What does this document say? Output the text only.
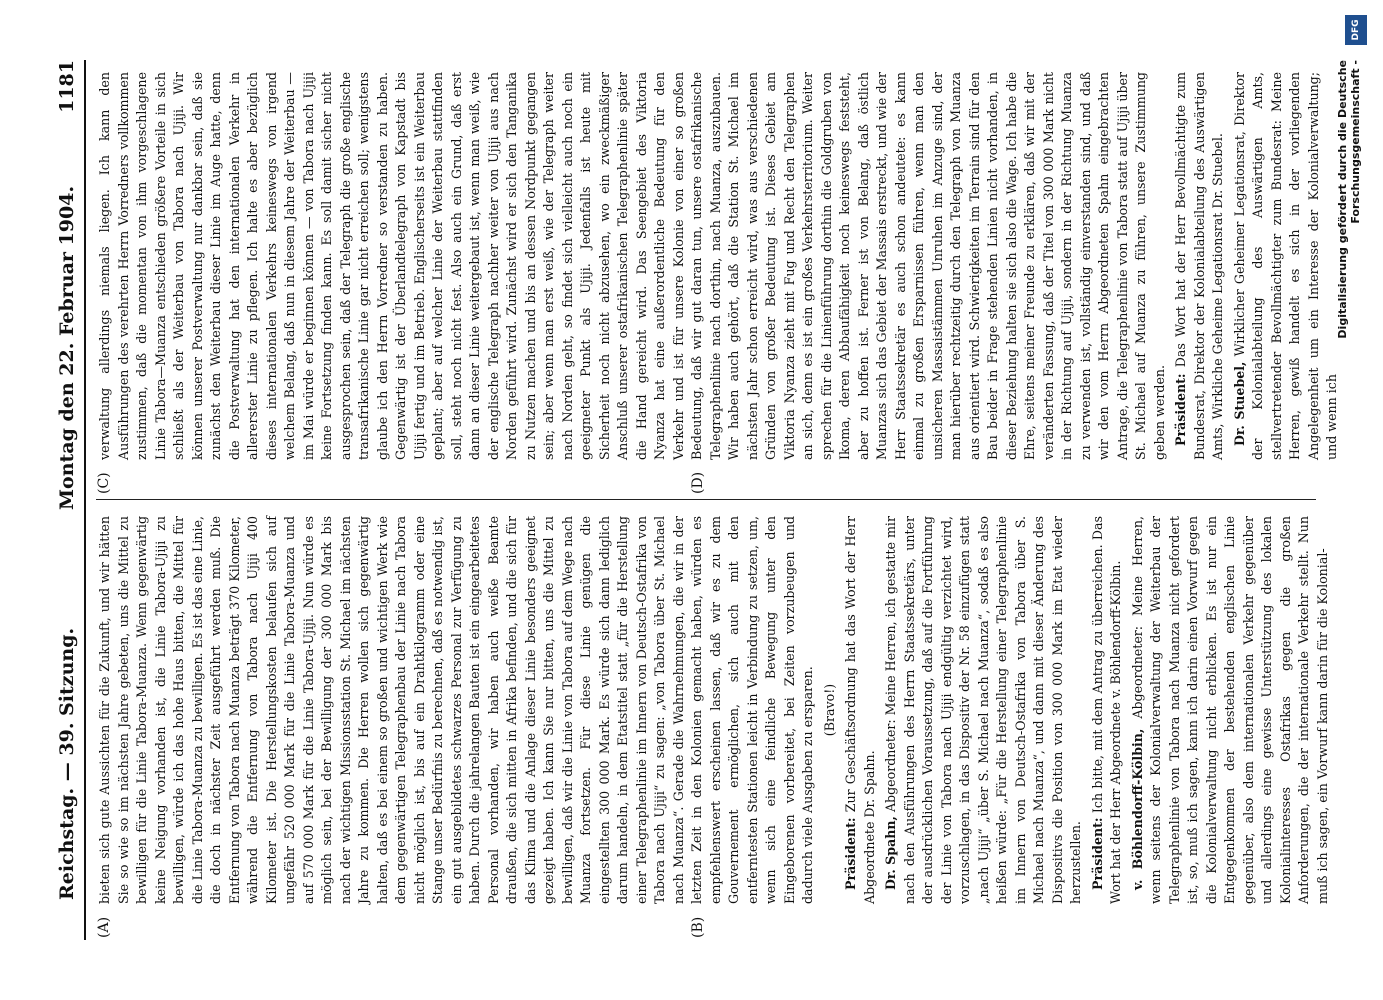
Reichstag. — 39. Sitzung.
Montag den 22. Februar 1904.
1181
(A)	(B)
(C)	(D)

bieten sich gute Aussichten für die Zukunft, und wir hätten Sie so wie so im nächsten Jahre gebeten, uns die Mittel zu bewilligen für die Linie Tabora-Muanza. Wenn gegenwärtig keine Neigung vorhanden ist, die Linie Tabora-Ujiji zu bewilligen, würde ich das hohe Haus bitten, die Mittel für die Linie Tabora-Muanza zu bewilligen. Es ist das eine Linie, die doch in nächster Zeit ausgeführt werden muß. Die Entfernung von Tabora nach Muanza beträgt 370 Kilometer, während die Entfernung von Tabora nach Ujiji 400 Kilometer ist. Die Herstellungskosten belaufen sich auf ungefähr 520 000 Mark für die Linie Tabora-Muanza und auf 570 000 Mark für die Linie Tabora-Ujiji. Nun würde es möglich sein, bei der Bewilligung der 300 000 Mark bis nach der wichtigen Missionsstation St. Michael im nächsten Jahre zu kommen. Die Herren wollen sich gegenwärtig halten, daß es bei einem so großen und wichtigen Werk wie dem gegenwärtigen Telegraphenbau der Linie nach Tabora nicht möglich ist, bis auf ein Drahtkilogramm oder eine Stange unser Bedürfnis zu berechnen, daß es notwendig ist, ein gut ausgebildetes schwarzes Personal zur Verfügung zu haben. Durch die jahrelangen Bauten ist ein eingearbeitetes Personal vorhanden, wir haben auch weiße Beamte draußen, die sich mitten in Afrika befinden, und die sich für das Klima und die Anlage dieser Linie besonders geeignet gezeigt haben. Ich kann Sie nur bitten, uns die Mittel zu bewilligen, daß wir die Linie von Tabora auf dem Wege nach Muanza fortsetzen. Für diese Linie genügen die eingestellten 300 000 Mark. Es würde sich dann lediglich darum handeln, in dem Etatstitel statt „für die Herstellung einer Telegraphenlinie im Innern von Deutsch-Ostafrika von Tabora nach Ujiji“ zu sagen: „von Tabora über St. Michael nach Muanza“. Gerade die Wahrnehmungen, die wir in der letzten Zeit in den Kolonien gemacht haben, würden es empfehlenswert erscheinen lassen, daß wir es zu dem Gouvernement ermöglichen, sich auch mit den entferntesten Stationen leicht in Verbindung zu setzen, um, wenn sich eine feindliche Bewegung unter den Eingeborenen vorbereitet, bei Zeiten vorzubeugen und dadurch viele Ausgaben zu ersparen. (Bravo!)

Präsident: Zur Geschäftsordnung hat das Wort der Herr Abgeordnete Dr. Spahn. Dr. Spahn, Abgeordneter: Meine Herren, ich gestatte mir nach den Ausführungen des Herrn Staatssekretärs, unter der ausdrücklichen Voraussetzung, daß auf die Fortführung der Linie von Tabora nach Ujiji endgültig verzichtet wird, vorzuschlagen, in das Dispositiv der Nr. 58 einzufügen statt „nach Ujiji“ „über S. Michael nach Muanza“, sodaß es also heißen würde: „Für die Herstellung einer Telegraphenlinie im Innern von Deutsch-Ostafrika von Tabora über S. Michael nach Muanza“, und dann mit dieser Änderung des Dispositivs die Position von 300 000 Mark im Etat wieder herzustellen. Präsident: Ich bitte, mit dem Antrag zu überreichen. Das Wort hat der Herr Abgeordnete v. Böhlendorff-Kölbin. v. Böhlendorff-Kölbin, Abgeordneter: Meine Herren, wenn seitens der Kolonialverwaltung der Weiterbau der Telegraphenlinie von Tabora nach Muanza nicht gefordert ist, so, muß ich sagen, kann ich darin einen Vorwurf gegen die Kolonialverwaltung nicht erblicken. Es ist nur ein Entgegenkommen der bestehenden englischen Linie gegenüber, also dem internationalen Verkehr gegenüber und allerdings eine gewisse Unterstützung des lokalen Kolonialinteresses Ostafrikas gegen die großen Anforderungen, die der internationale Verkehr stellt. Nun muß ich sagen, ein Vorwurf kann darin für die Kolonial-

verwaltung allerdings niemals liegen. Ich kann den Ausführungen des verehrten Herrn Vorredners vollkommen zustimmen, daß die momentan von ihm vorgeschlagene Linie Tabora—Muanza entschieden größere Vorteile in sich schließt als der Weiterbau von Tabora nach Ujiji. Wir können unserer Postverwaltung nur dankbar sein, daß sie zunächst den Weiterbau dieser Linie im Auge hatte, denn die Postverwaltung hat den internationalen Verkehr in allererster Linie zu pflegen. Ich halte es aber bezüglich dieses internationalen Verkehrs keineswegs von irgend welchem Belang, daß nun in diesem Jahre der Weiterbau — im Mai würde er beginnen können — von Tabora nach Ujiji keine Fortsetzung finden kann. Es soll damit sicher nicht ausgesprochen sein, daß der Telegraph die große englische transafrikanische Linie gar nicht erreichen soll; wenigstens glaube ich den Herrn Vorredner so verstanden zu haben. Gegenwärtig ist der Überlandtelegraph von Kapstadt bis Ujiji fertig und im Betrieb. Englischerseits ist ein Weiterbau geplant; aber auf welcher Linie der Weiterbau stattfinden soll, steht noch nicht fest. Also auch ein Grund, daß erst dann an dieser Linie weitergebaut ist, wenn man weiß, wie der englische Telegraph nachher weiter von Ujiji aus nach Norden geführt wird. Zunächst wird er sich den Tanganika zu Nutzen machen und bis an dessen Nordpunkt gegangen sein; aber wenn man erst weiß, wie der Telegraph weiter nach Norden geht, so findet sich vielleicht auch noch ein geeigneter Punkt als Ujiji. Jedenfalls ist heute mit Sicherheit noch nicht abzusehen, wo ein zweckmäßiger Anschluß unserer ostafrikanischen Telegraphenlinie später die Hand gereicht wird. Das Seengebiet des Viktoria Nyanza hat eine außerordentliche Bedeutung für den Verkehr und ist für unsere Kolonie von einer so großen Bedeutung, daß wir gut daran tun, unsere ostafrikanische Telegraphenlinie nach dorthin, nach Muanza, auszubauen. Wir haben auch gehört, daß die Station St. Michael im nächsten Jahr schon erreicht wird, was aus verschiedenen Gründen von großer Bedeutung ist. Dieses Gebiet am Viktoria Nyanza zieht mit Fug und Recht den Telegraphen an sich, denn es ist ein großes Verkehrsterritorium. Weiter sprechen für die Linienführung dorthin die Goldgruben von Ikoma, deren Abbaufähigkeit noch keineswegs feststeht, aber zu hoffen ist. Ferner ist von Belang, daß östlich Muanzas sich das Gebiet der Massais erstreckt, und wie der Herr Staatssekretär es auch schon andeutete: es kann einmal zu großen Ersparnissen führen, wenn man den unsicheren Massaistämmen Unruhen im Anzuge sind, der man hierüber rechtzeitig durch den Telegraph von Muanza aus orientiert wird. Schwierigkeiten im Terrain sind für den Bau beider in Frage stehenden Linien nicht vorhanden, in dieser Beziehung halten sie sich also die Wage. Ich habe die Ehre, seitens meiner Freunde zu erklären, daß wir mit der veränderten Fassung, daß der Titel von 300 000 Mark nicht in der Richtung auf Ujiji, sondern in der Richtung Muanza zu verwenden ist, vollständig einverstanden sind, und daß wir den vom Herrn Abgeordneten Spahn eingebrachten Antrage, die Telegraphenlinie von Tabora statt auf Ujiji über St. Michael auf Muanza zu führen, unsere Zustimmung geben werden. Präsident: Das Wort hat der Herr Bevollmächtigte zum Bundesrat, Direktor der Kolonialabteilung des Auswärtigen Amts, Wirkliche Geheime Legationsrat Dr. Stuebel. Dr. Stuebel, Wirklicher Geheimer Legationsrat, Direktor der Kolonialabteilung des Auswärtigen Amts, stellvertretender Bevollmächtigter zum Bundesrat: Meine Herren, gewiß handelt es sich in der vorliegenden Angelegenheit um ein Interesse der Kolonialverwaltung; und wenn ich

Digitalisierung gefördert durch die Deutsche Forschungsgemeinschaft -
DFG
